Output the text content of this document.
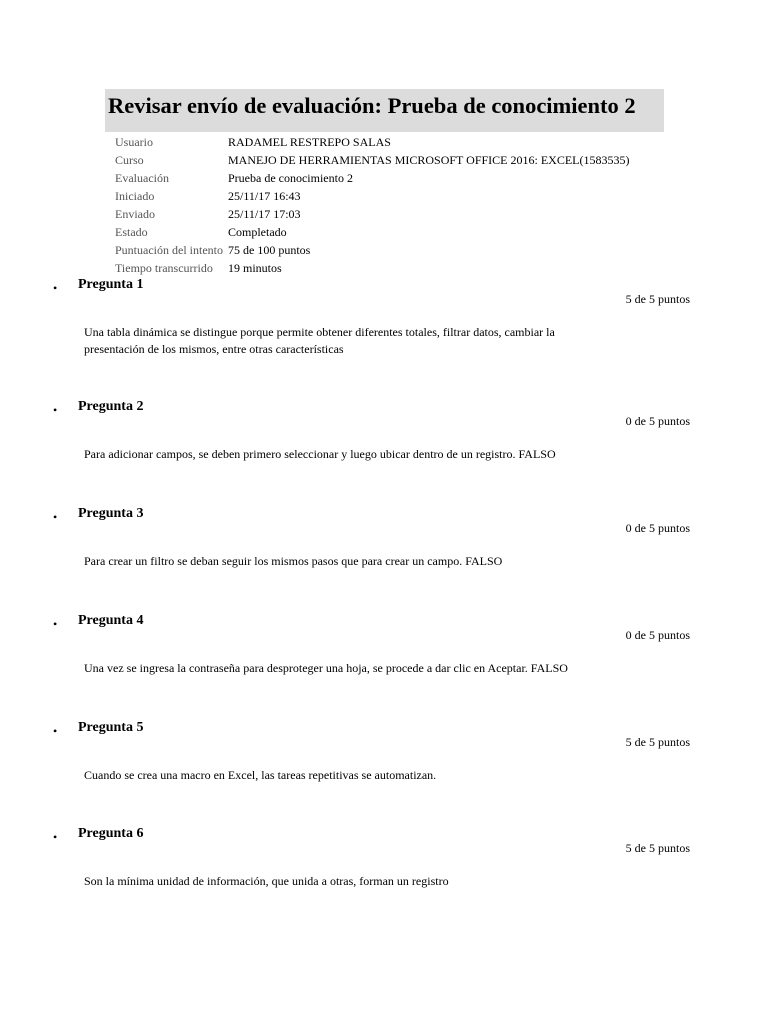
Revisar envío de evaluación: Prueba de conocimiento 2
Usuario	RADAMEL RESTREPO SALAS
Curso	MANEJO DE HERRAMIENTAS MICROSOFT OFFICE 2016: EXCEL(1583535)
Evaluación	Prueba de conocimiento 2
Iniciado	25/11/17 16:43
Enviado	25/11/17 17:03
Estado	Completado
Puntuación del intento 75 de 100 puntos
Tiempo transcurrido	19 minutos
• Pregunta 1
5 de 5 puntos
Una tabla dinámica se distingue porque permite obtener diferentes totales, filtrar datos, cambiar la presentación de los mismos, entre otras características
• Pregunta 2
0 de 5 puntos
Para adicionar campos, se deben primero seleccionar y luego ubicar dentro de un registro. FALSO
• Pregunta 3
0 de 5 puntos
Para crear un filtro se deban seguir los mismos pasos que para crear un campo. FALSO
• Pregunta 4
0 de 5 puntos
Una vez se ingresa la contraseña para desproteger una hoja, se procede a dar clic en Aceptar. FALSO
• Pregunta 5
5 de 5 puntos
Cuando se crea una macro en Excel, las tareas repetitivas se automatizan.
• Pregunta 6
5 de 5 puntos
Son la mínima unidad de información, que unida a otras, forman un registro
